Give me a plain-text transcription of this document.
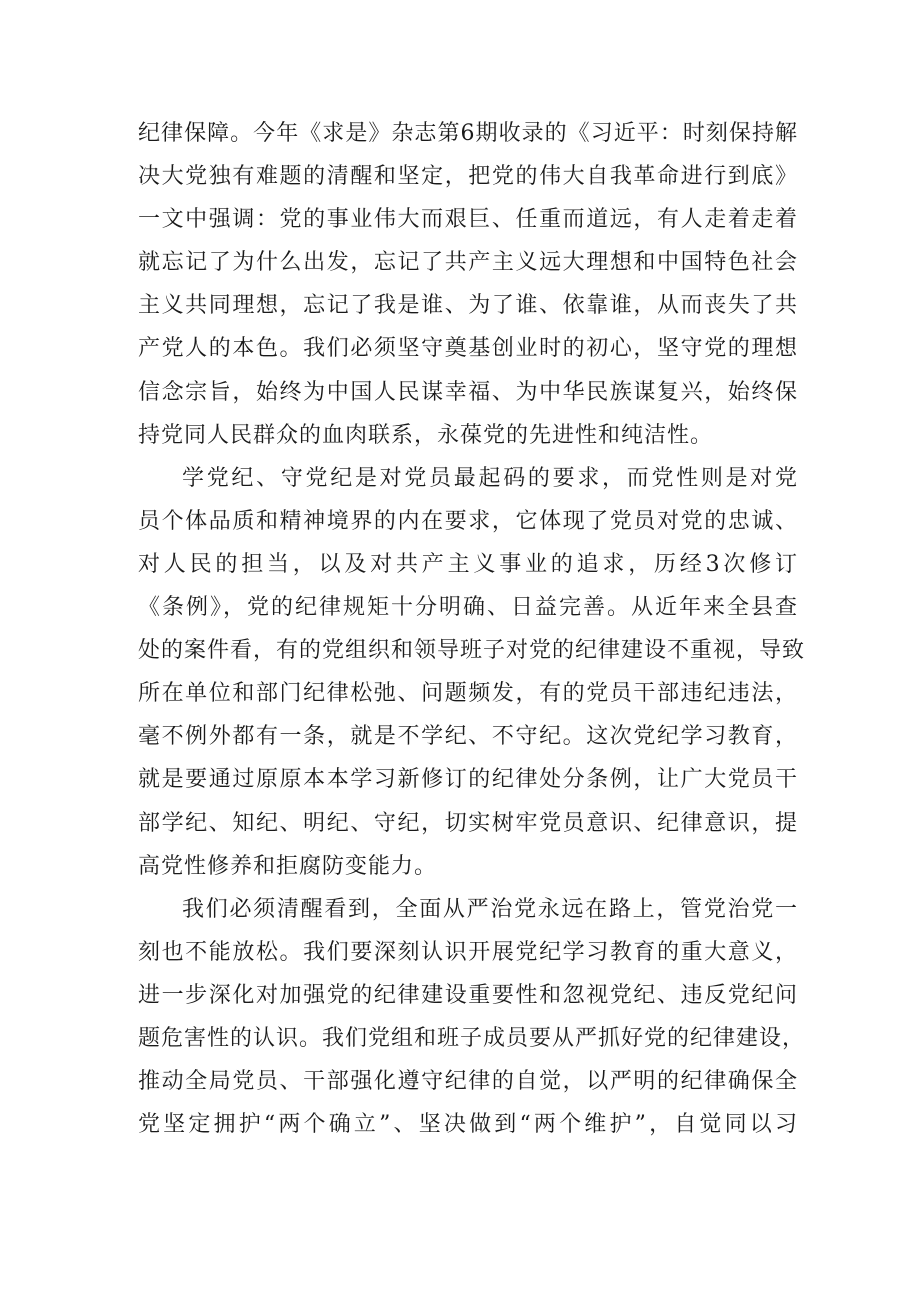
纪律保障。今年《求是》杂志第6期收录的《习近平：时刻保持解
决大党独有难题的清醒和坚定，把党的伟大自我革命进行到底》
一文中强调：党的事业伟大而艰巨、任重而道远，有人走着走着
就忘记了为什么出发，忘记了共产主义远大理想和中国特色社会
主义共同理想，忘记了我是谁、为了谁、依靠谁，从而丧失了共
产党人的本色。我们必须坚守奠基创业时的初心，坚守党的理想
信念宗旨，始终为中国人民谋幸福、为中华民族谋复兴，始终保
持党同人民群众的血肉联系，永葆党的先进性和纯洁性。
学党纪、守党纪是对党员最起码的要求，而党性则是对党
员个体品质和精神境界的内在要求，它体现了党员对党的忠诚、
对人民的担当，以及对共产主义事业的追求，历经3次修订
《条例》，党的纪律规矩十分明确、日益完善。从近年来全县查
处的案件看，有的党组织和领导班子对党的纪律建设不重视，导致
所在单位和部门纪律松弛、问题频发，有的党员干部违纪违法，
毫不例外都有一条，就是不学纪、不守纪。这次党纪学习教育，
就是要通过原原本本学习新修订的纪律处分条例，让广大党员干
部学纪、知纪、明纪、守纪，切实树牢党员意识、纪律意识，提
高党性修养和拒腐防变能力。
我们必须清醒看到，全面从严治党永远在路上，管党治党一
刻也不能放松。我们要深刻认识开展党纪学习教育的重大意义，
进一步深化对加强党的纪律建设重要性和忽视党纪、违反党纪问
题危害性的认识。我们党组和班子成员要从严抓好党的纪律建设，
推动全局党员、干部强化遵守纪律的自觉，以严明的纪律确保全
党坚定拥护“两个确立”、坚决做到“两个维护”，自觉同以习
